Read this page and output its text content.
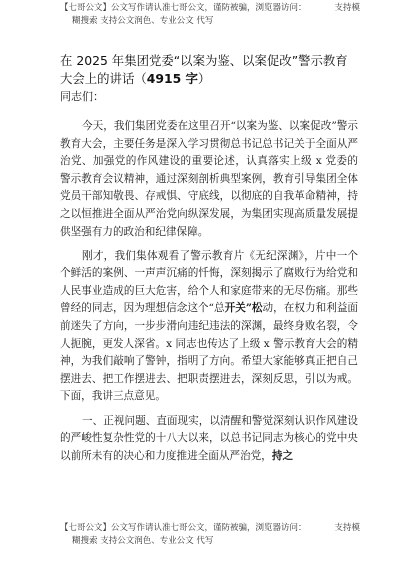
【七哥公文】公文写作请认准七哥公文，谨防被骗，浏览器访问：	支持模
糊搜索 支持公文润色、专业公文 代写
在 2025 年集团党委“以案为鉴、以案促改”警示教育大会上的讲话（4915 字）
同志们：

今天，我们集团党委在这里召开“以案为鉴、以案促改”警示教育大会，主要任务是深入学习贯彻总书记总书记关于全面从严治党、加强党的作风建设的重要论述，认真落实上级 x 党委的警示教育会议精神，通过深刻剖析典型案例，教育引导集团全体党员干部知敬畏、存戒惧、守底线，以彻底的自我革命精神，持之以恒推进全面从严治党向纵深发展，为集团实现高质量发展提供坚强有力的政治和纪律保障。

刚才，我们集体观看了警示教育片《无纪深渊》，片中一个个鲜活的案例、一声声沉痛的忏悔，深刻揭示了腐败行为给党和人民事业造成的巨大危害，给个人和家庭带来的无尽伤痛。那些曾经的同志，因为理想信念这个“总开关”松动，在权力和利益面前迷失了方向，一步步滑向违纪违法的深渊，最终身败名裂，令人扼腕，更发人深省。x 同志也传达了上级 x 警示教育大会的精神，为我们敲响了警钟，指明了方向。希望大家能够真正把自己摆进去、把工作摆进去、把职责摆进去，深刻反思，引以为戒。下面，我讲三点意见。

一、正视问题、直面现实，以清醒和警觉深刻认识作风建设的严峻性复杂性党的十八大以来，以总书记同志为核心的党中央以前所未有的决心和力度推进全面从严治党，持之

【七哥公文】公文写作请认准七哥公文，谨防被骗，浏览器访问：	支持模
糊搜索 支持公文润色、专业公文 代写
